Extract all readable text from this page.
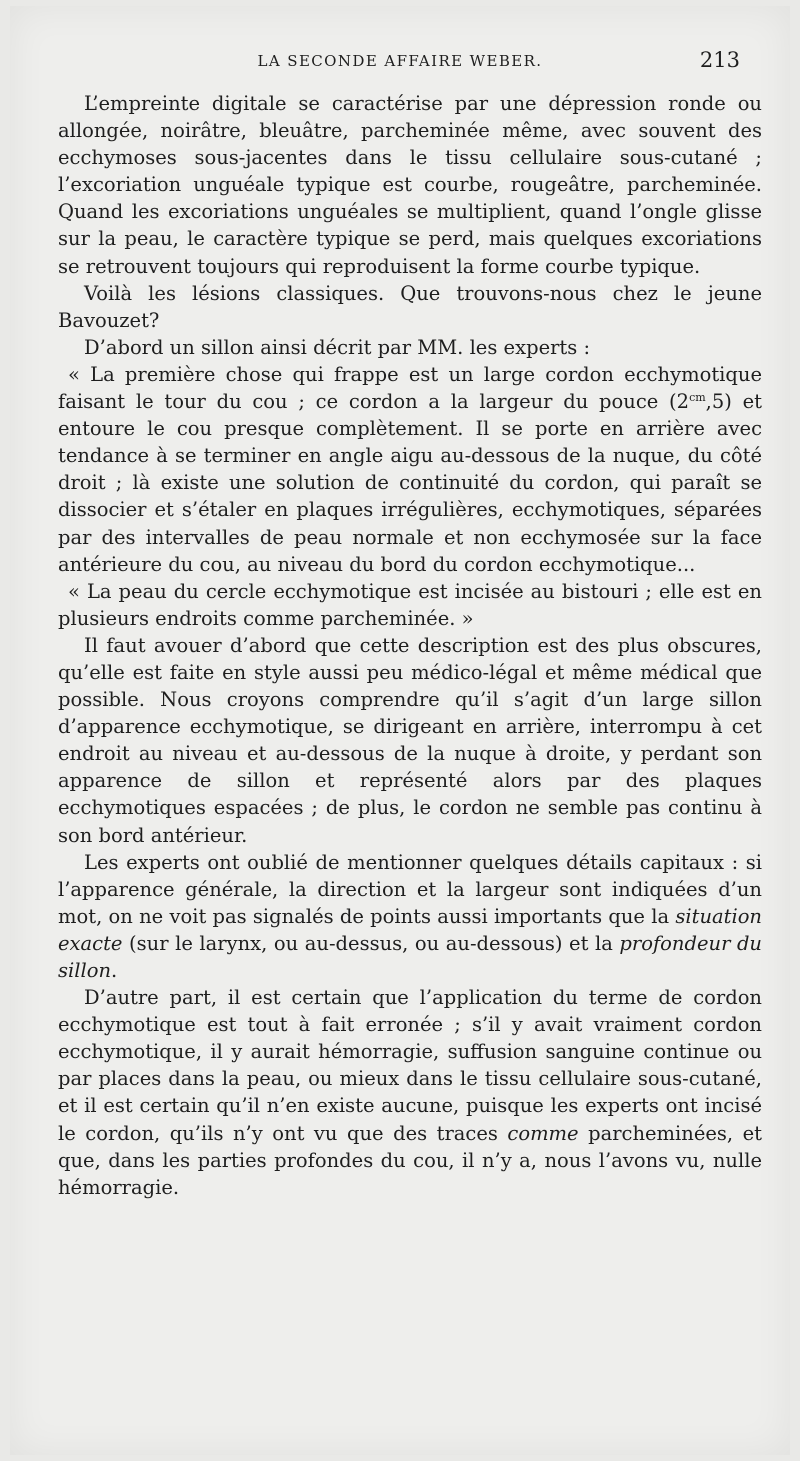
LA SECONDE AFFAIRE WEBER.	213

L’empreinte digitale se caractérise par une dépression ronde ou allongée, noirâtre, bleuâtre, parcheminée même, avec souvent des ecchymoses sous-jacentes dans le tissu cellulaire sous-cutané ; l’excoriation unguéale typique est courbe, rougeâtre, parcheminée. Quand les excoriations unguéales se multiplient, quand l’ongle glisse sur la peau, le caractère typique se perd, mais quelques excoriations se retrouvent toujours qui reproduisent la forme courbe typique.

Voilà les lésions classiques. Que trouvons-nous chez le jeune Bavouzet?

D’abord un sillon ainsi décrit par MM. les experts :

« La première chose qui frappe est un large cordon ecchymotique faisant le tour du cou ; ce cordon a la largeur du pouce $(2^{cm},5)$ et entoure le cou presque complètement. Il se porte en arrière avec tendance à se terminer en angle aigu au-dessous de la nuque, du côté droit ; là existe une solution de continuité du cordon, qui paraît se dissocier et s’étaler en plaques irrégulières, ecchymotiques, séparées par des intervalles de peau normale et non ecchymosée sur la face antérieure du cou, au niveau du bord du cordon ecchymotique...

« La peau du cercle ecchymotique est incisée au bistouri ; elle est en plusieurs endroits comme parcheminée. »

Il faut avouer d’abord que cette description est des plus obscures, qu’elle est faite en style aussi peu médico-légal et même médical que possible. Nous croyons comprendre qu’il s’agit d’un large sillon d’apparence ecchymotique, se dirigeant en arrière, interrompu à cet endroit au niveau et au-dessous de la nuque à droite, y perdant son apparence de sillon et représenté alors par des plaques ecchymotiques espacées ; de plus, le cordon ne semble pas continu à son bord antérieur.

Les experts ont oublié de mentionner quelques détails capitaux : si l’apparence générale, la direction et la largeur sont indiquées d’un mot, on ne voit pas signalés de points aussi importants que la situation exacte (sur le larynx, ou au-dessus, ou au-dessous) et la profondeur du sillon.

D’autre part, il est certain que l’application du terme de cordon ecchymotique est tout à fait erronée ; s’il y avait vraiment cordon ecchymotique, il y aurait hémorragie, suffusion sanguine continue ou par places dans la peau, ou mieux dans le tissu cellulaire sous-cutané, et il est certain qu’il n’en existe aucune, puisque les experts ont incisé le cordon, qu’ils n’y ont vu que des traces comme parcheminées, et que, dans les parties profondes du cou, il n’y a, nous l’avons vu, nulle hémorragie.
